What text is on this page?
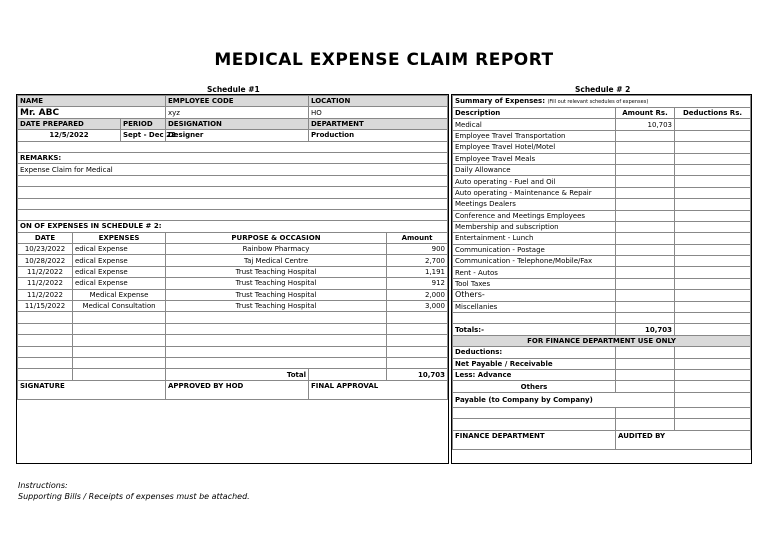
MEDICAL EXPENSE CLAIM REPORT
Schedule #1	Schedule # 2
NAME			EMPLOYEE CODE	LOCATION	
Mr. ABC			xyz	HO	
DATE PREPARED		PERIOD	DESIGNATION	DEPARTMENT	
12/5/2022		Sept - Dec 22	Designer	Production	

REMARKS:					
Expense Claim for Medical					

ON OF EXPENSES IN SCHEDULE # 2:					
DATE	EXPENSES		PURPOSE & OCCASION		Amount
10/23/2022	edical Expense		Rainbow Pharmacy		900
10/28/2022	edical Expense		Taj Medical Centre		2,700
11/2/2022	edical Expense		Trust Teaching Hospital		1,191
11/2/2022	edical Expense		Trust Teaching Hospital		912
11/2/2022	Medical Expense		Trust Teaching Hospital		2,000
11/15/2022	Medical Consultation		Trust Teaching Hospital		3,000

			Total		10,703
SIGNATURE			APPROVED BY HOD	FINAL APPROVAL	
Summary of Expenses: (Fill out relevant schedules of expenses)		
Description	Amount Rs.	Deductions Rs.
Medical	10,703	
Employee Travel Transportation		
Employee Travel Hotel/Motel		
Employee Travel Meals		
Daily Allowance		
Auto operating - Fuel and Oil		
Auto operating - Maintenance & Repair		
Meetings Dealers		
Conference and Meetings Employees		
Membership and subscription		
Entertainment - Lunch		
Communication - Postage		
Communication - Telephone/Mobile/Fax		
Rent - Autos		
Tool Taxes		
Others-		
Miscellanies		

Totals:-	10,703	
FOR FINANCE DEPARTMENT USE ONLY		
Deductions:		
Net Payable / Receivable		
Less: Advance		
Others		
Payable (to Company by Company)		

FINANCE DEPARTMENT	AUDITED BY	
Instructions:
Supporting Bills / Receipts of expenses must be attached.
